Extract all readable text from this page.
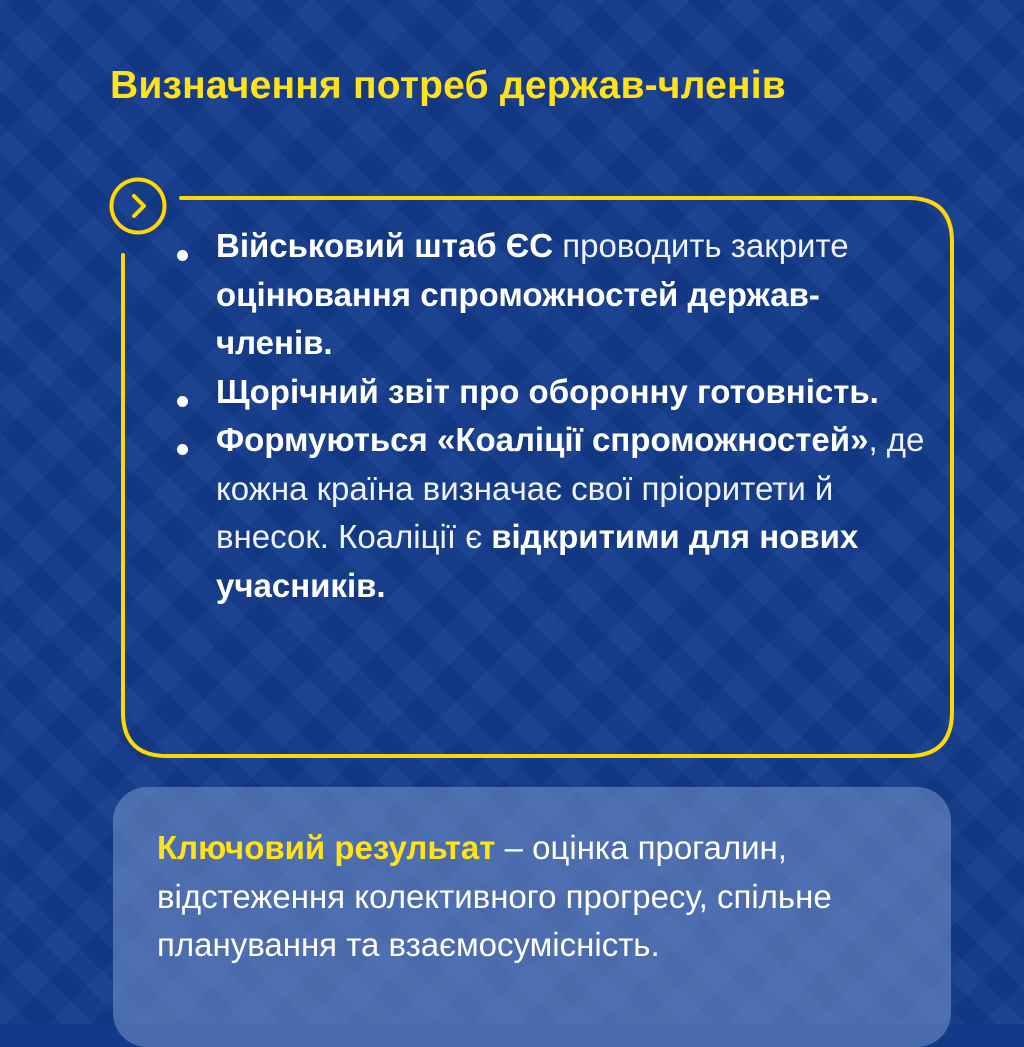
Визначення потреб держав-членів
Військовий штаб ЄС проводить закрите оцінювання спроможностей держав-членів.
Щорічний звіт про оборонну готовність.
Формуються «Коаліції спроможностей», де кожна країна визначає свої пріоритети й внесок. Коаліції є відкритими для нових учасників.
Ключовий результат – оцінка прогалин, відстеження колективного прогресу, спільне планування та взаємосумісність.
